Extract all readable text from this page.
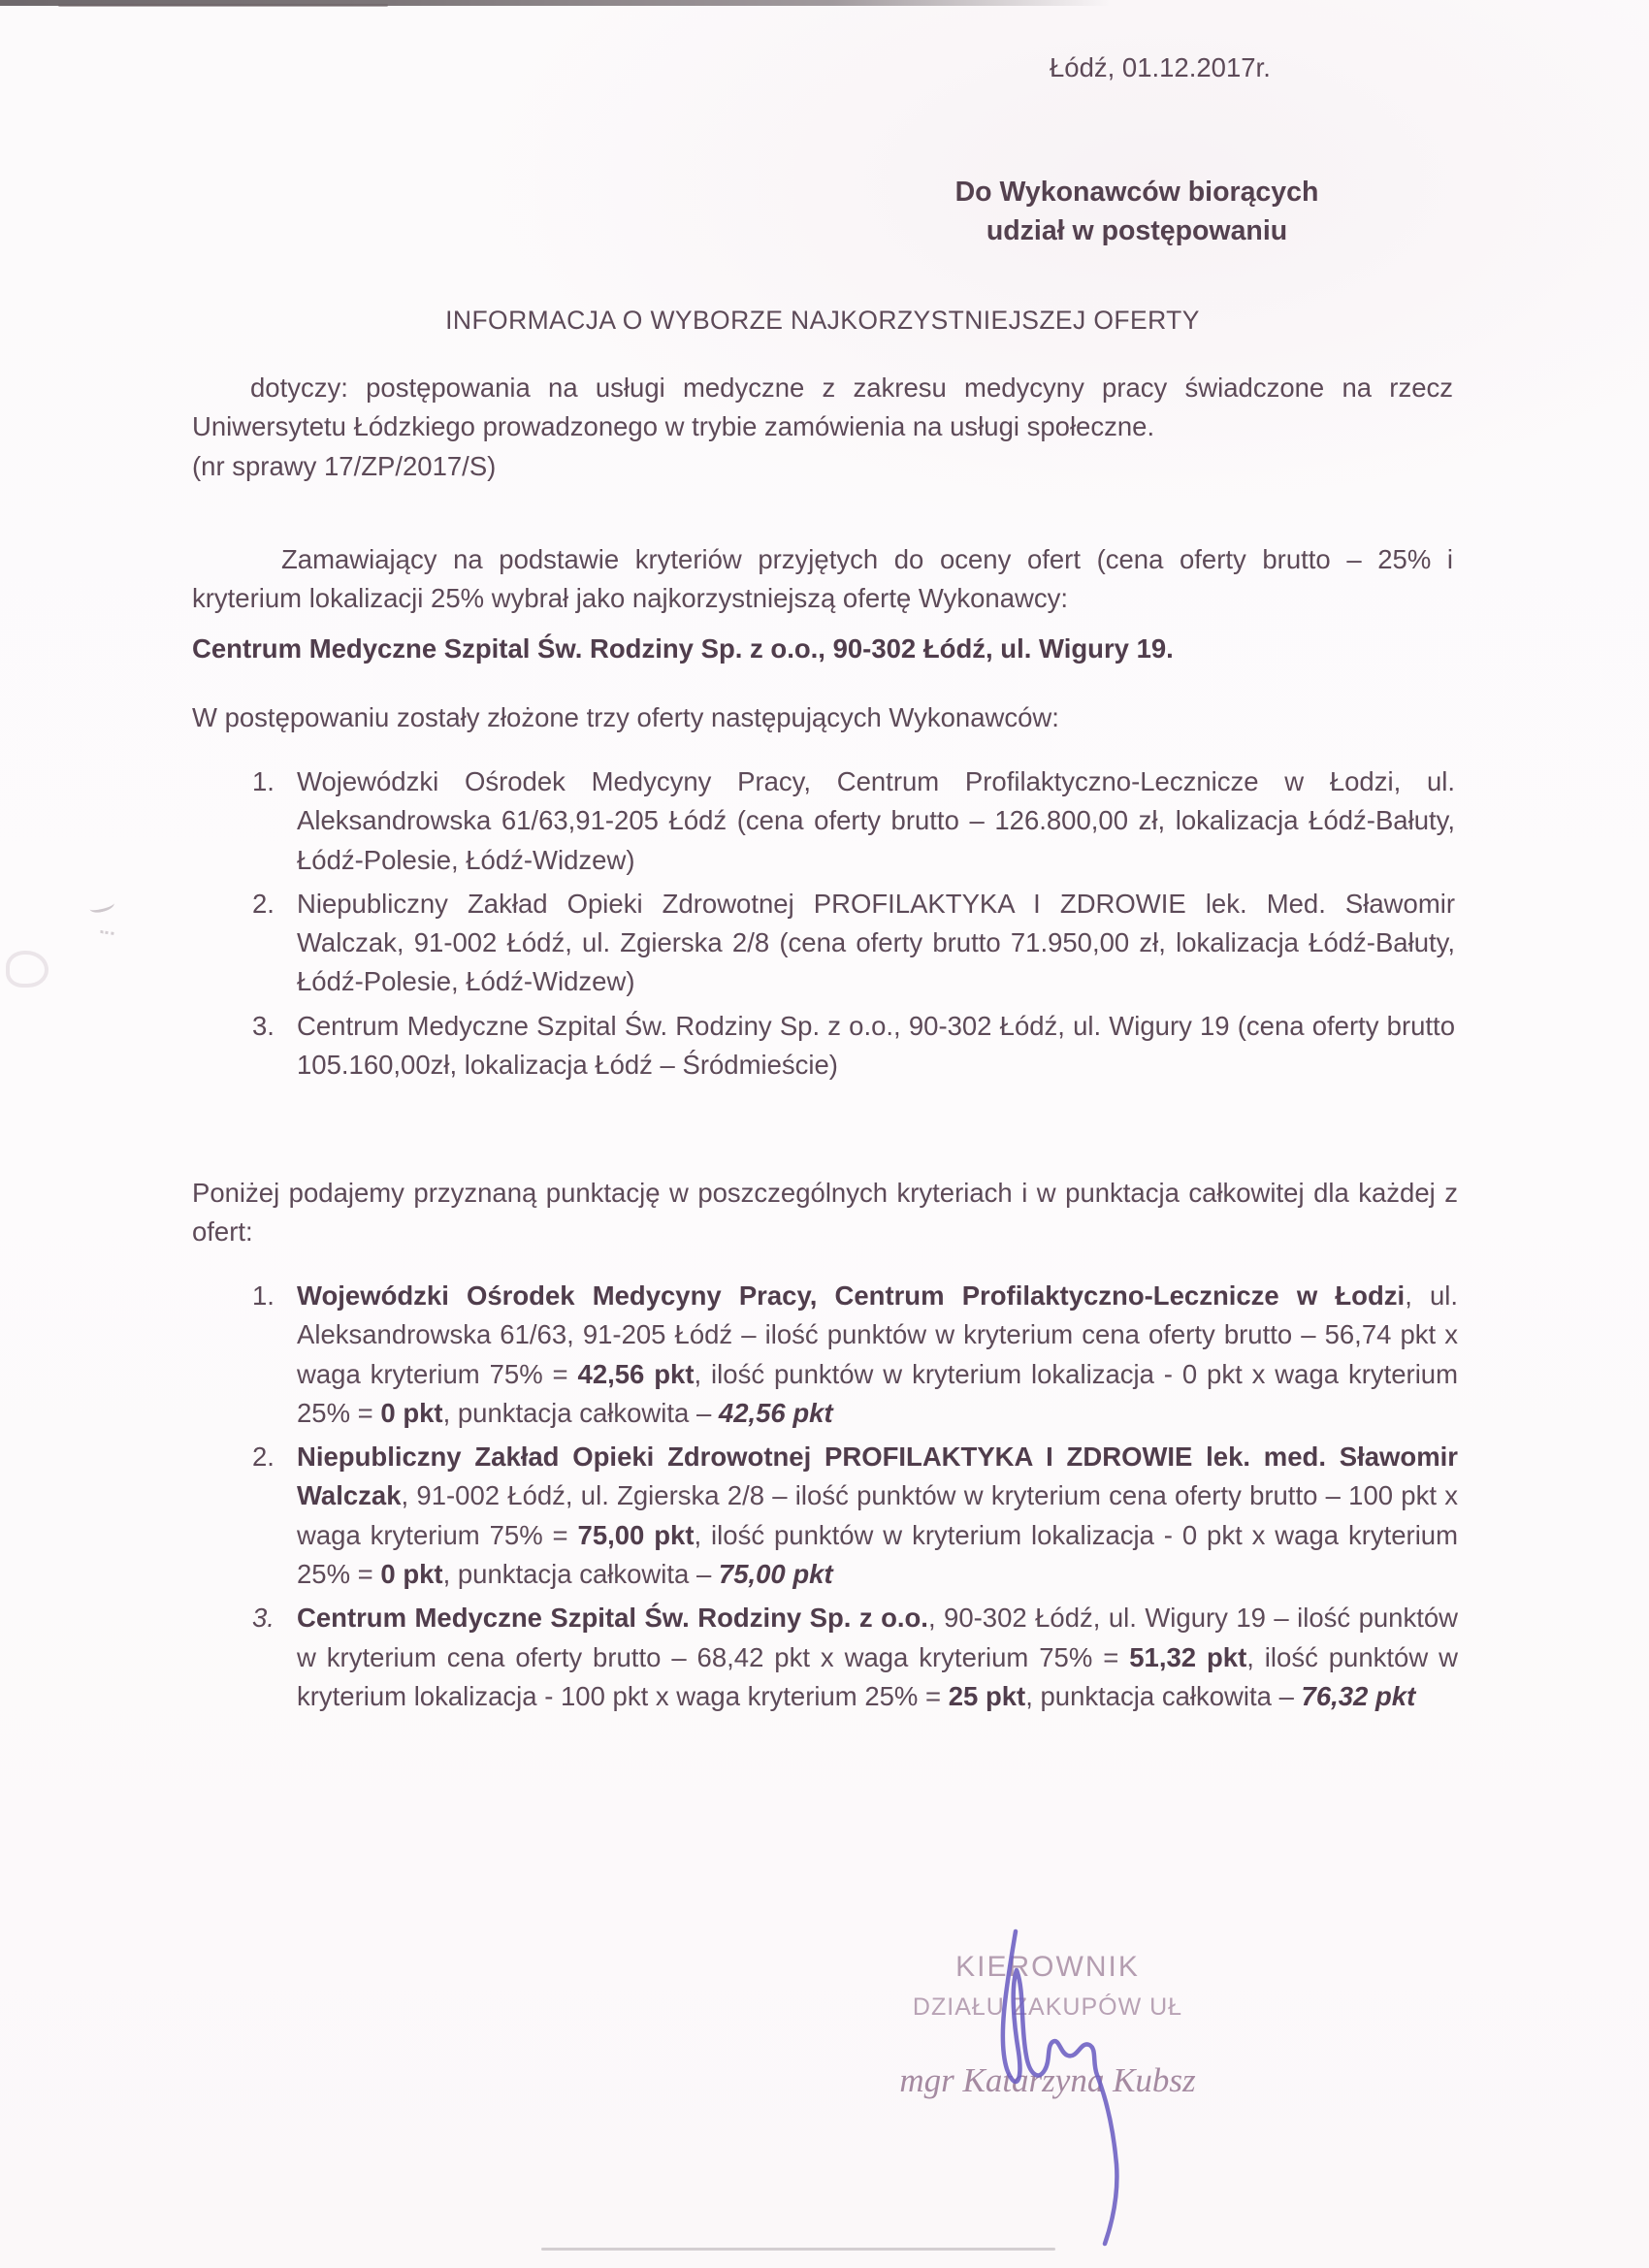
Łódź, 01.12.2017r.
Do Wykonawców biorących
udział w postępowaniu
INFORMACJA O WYBORZE NAJKORZYSTNIEJSZEJ OFERTY

dotyczy: postępowania na usługi medyczne z zakresu medycyny pracy świadczone na rzecz Uniwersytetu Łódzkiego prowadzonego w trybie zamówienia na usługi społeczne.

(nr sprawy 17/ZP/2017/S)

Zamawiający na podstawie kryteriów przyjętych do oceny ofert (cena oferty brutto – 25% i kryterium lokalizacji 25% wybrał jako najkorzystniejszą ofertę Wykonawcy:

Centrum Medyczne Szpital Św. Rodziny Sp. z o.o., 90-302 Łódź, ul. Wigury 19.

W postępowaniu zostały złożone trzy oferty następujących Wykonawców:

1. Wojewódzki Ośrodek Medycyny Pracy, Centrum Profilaktyczno-Lecznicze w Łodzi, ul. Aleksandrowska 61/63,91-205 Łódź (cena oferty brutto – 126.800,00 zł, lokalizacja Łódź-Bałuty, Łódź-Polesie, Łódź-Widzew)
2. Niepubliczny Zakład Opieki Zdrowotnej PROFILAKTYKA I ZDROWIE lek. Med. Sławomir Walczak, 91-002 Łódź, ul. Zgierska 2/8 (cena oferty brutto 71.950,00 zł, lokalizacja Łódź-Bałuty, Łódź-Polesie, Łódź-Widzew)
3. Centrum Medyczne Szpital Św. Rodziny Sp. z o.o., 90-302 Łódź, ul. Wigury 19 (cena oferty brutto 105.160,00zł, lokalizacja Łódź – Śródmieście)

Poniżej podajemy przyznaną punktację w poszczególnych kryteriach i w punktacja całkowitej dla każdej z ofert:

1. Wojewódzki Ośrodek Medycyny Pracy, Centrum Profilaktyczno-Lecznicze w Łodzi, ul. Aleksandrowska 61/63, 91-205 Łódź – ilość punktów w kryterium cena oferty brutto – 56,74 pkt x waga kryterium 75% = 42,56 pkt, ilość punktów w kryterium lokalizacja - 0 pkt x waga kryterium 25% = 0 pkt, punktacja całkowita – 42,56 pkt
2. Niepubliczny Zakład Opieki Zdrowotnej PROFILAKTYKA I ZDROWIE lek. med. Sławomir Walczak, 91-002 Łódź, ul. Zgierska 2/8 – ilość punktów w kryterium cena oferty brutto – 100 pkt x waga kryterium 75% = 75,00 pkt, ilość punktów w kryterium lokalizacja - 0 pkt x waga kryterium 25% = 0 pkt, punktacja całkowita – 75,00 pkt
3. Centrum Medyczne Szpital Św. Rodziny Sp. z o.o., 90-302 Łódź, ul. Wigury 19 – ilość punktów w kryterium cena oferty brutto – 68,42 pkt x waga kryterium 75% = 51,32 pkt, ilość punktów w kryterium lokalizacja - 100 pkt x waga kryterium 25% = 25 pkt, punktacja całkowita – 76,32 pkt
KIEROWNIK
DZIAŁU ZAKUPÓW UŁ
mgr Katarzyna Kubsz
